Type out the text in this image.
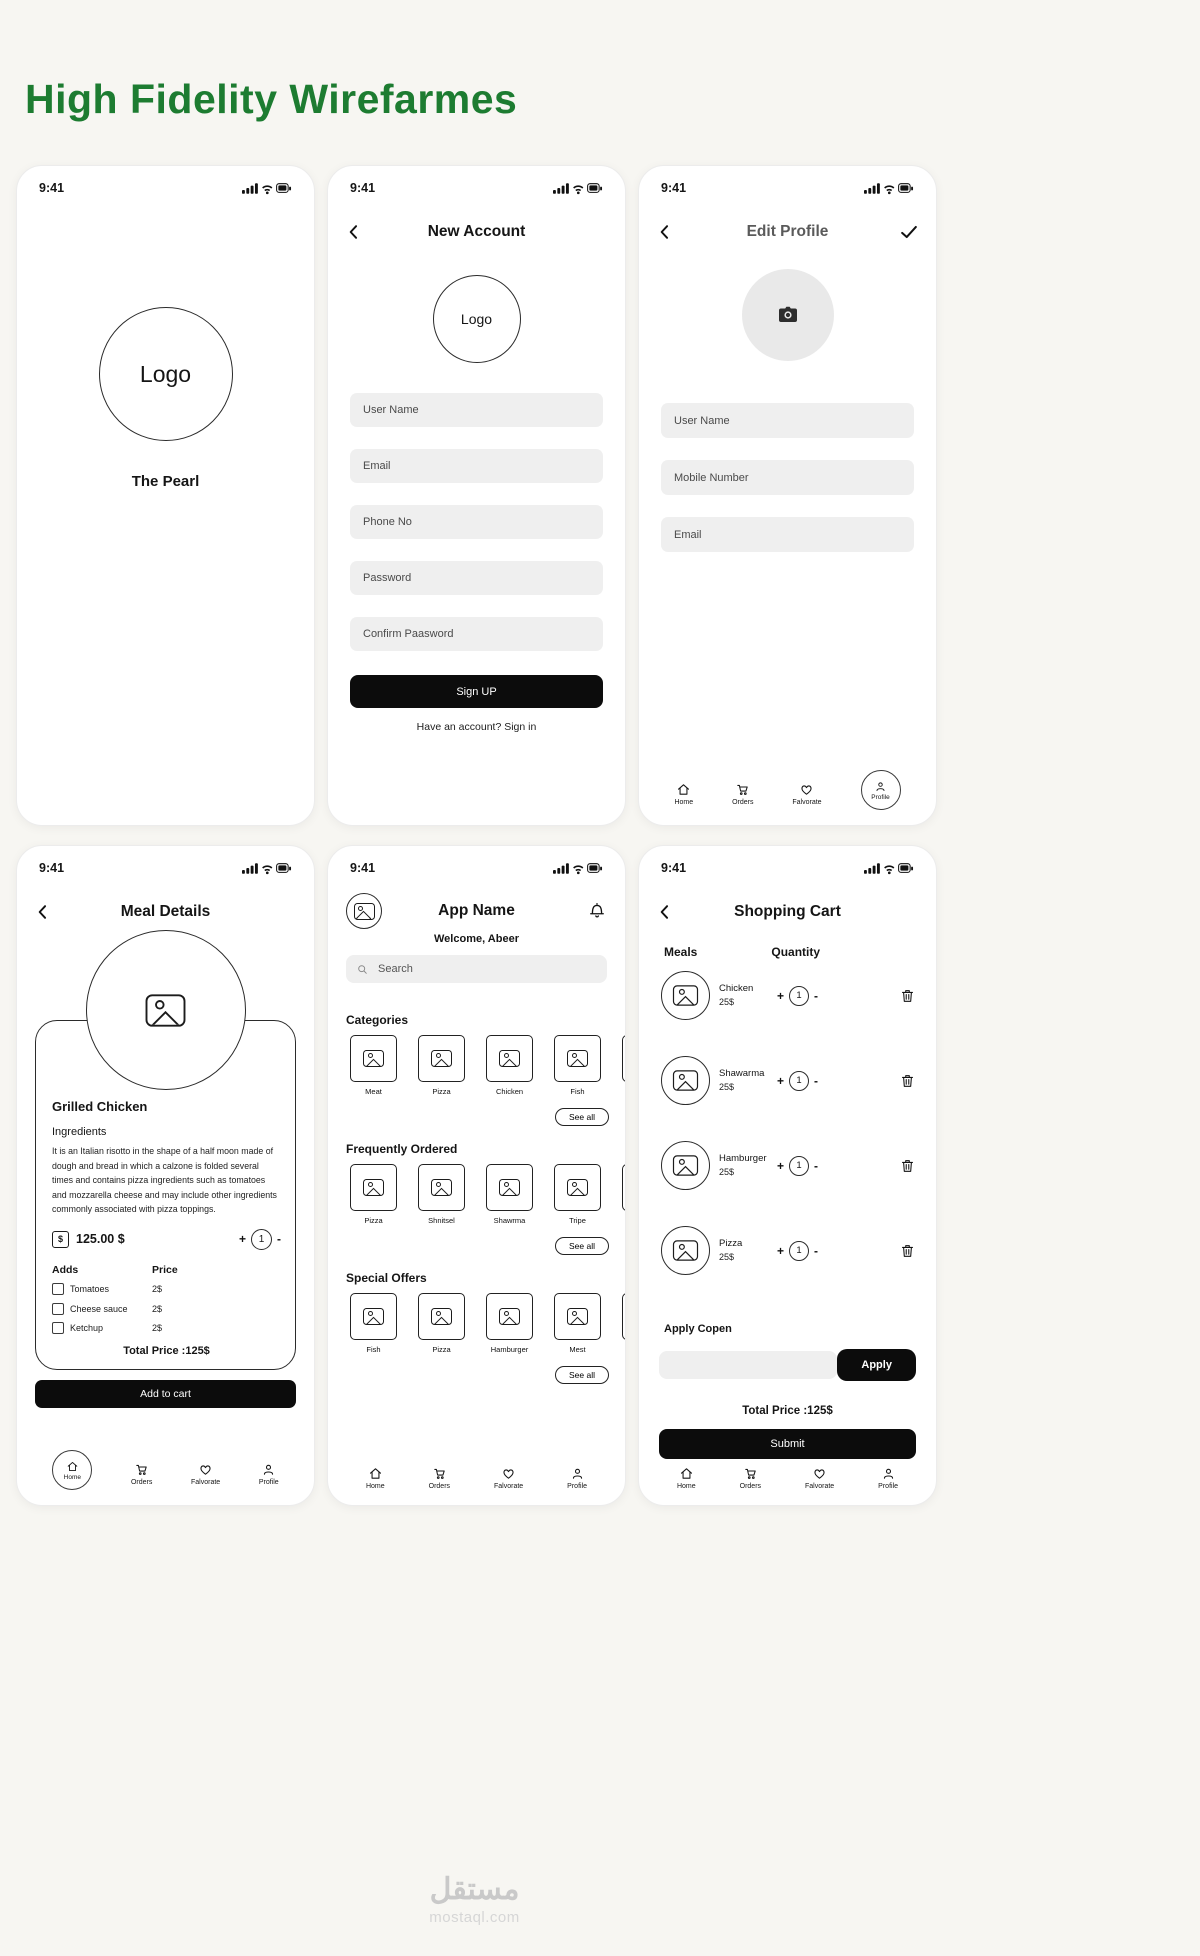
High Fidelity Wirefarmes
9:41
Logo
The Pearl
9:41
New Account
Logo
User Name
Email
Phone No
Password
Confirm Paasword
Sign UP

Have an account? Sign in

9:41
Edit Profile
User Name
Mobile Number
Email
Home	Orders	Falvorate
Profile
9:41
Meal Details
Grilled Chicken
Ingredients
It is an Italian risotto in the shape of a half moon made of dough and bread in which a calzone is folded several times and contains pizza ingredients such as tomatoes and mozzarella cheese and may include other ingredients commonly associated with pizza toppings.
$ 125.00 $	+	1	-
Adds	Price
Tomatoes	2$
Cheese sauce	2$
Ketchup	2$
Total Price :125$
Add to cart
Home
Orders	Falvorate	Profile
9:41
App Name
Welcome, Abeer
Search
Categories
Meat	Pizza	Chicken	Fish
See all
Frequently Ordered
Pizza	Shnitsel	Shawrma	Tripe
See all
Special Offers
Fish	Pizza	Hamburger	Mest
See all
Home	Orders	Falvorate	Profile
9:41
Shopping Cart
Meals	Quantity
Chicken
25$	+	1	-
Shawarma
25$	+	1	-
Hamburger
25$	+	1	-
Pizza
25$	+	1	-
Apply Copen
Apply
Total Price :125$
Submit
Home	Orders	Falvorate	Profile
مستقل
mostaql.com
